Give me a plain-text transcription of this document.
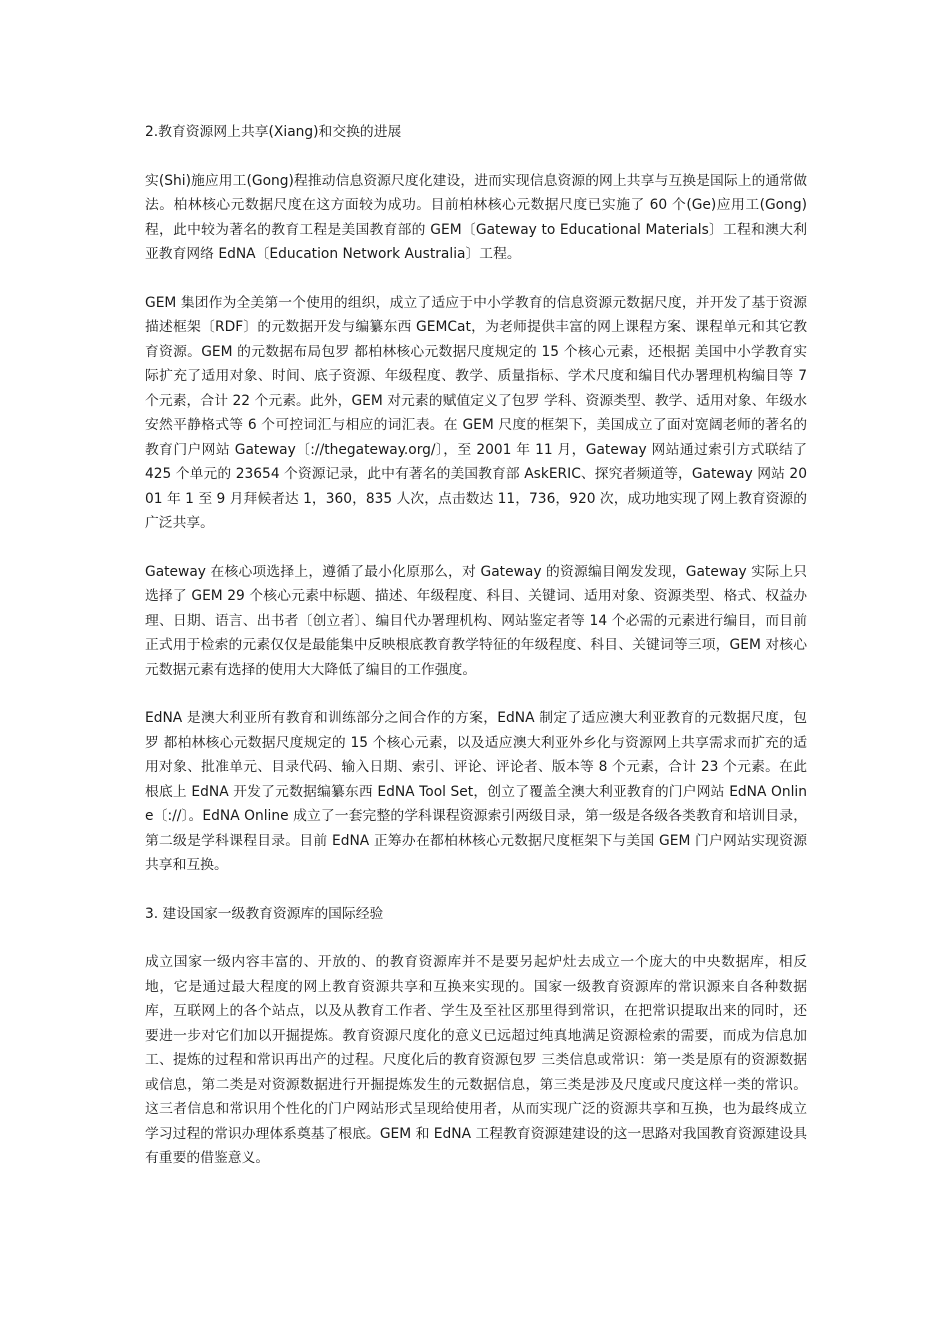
2.教育资源网上共享(Xiang)和交换的进展

实(Shi)施应用工(Gong)程推动信息资源尺度化建设，进而实现信息资源的网上共享与互换是国际上的通常做法。柏林核心元数据尺度在这方面较为成功。目前柏林核心元数据尺度已实施了 60 个(Ge)应用工(Gong)程，此中较为著名的教育工程是美国教育部的 GEM〔Gateway to Educational Materials〕工程和澳大利亚教育网络 EdNA〔Education Network Australia〕工程。

GEM 集团作为全美第一个使用的组织，成立了适应于中小学教育的信息资源元数据尺度，并开发了基于资源描述框架〔RDF〕的元数据开发与编纂东西 GEMCat，为老师提供丰富的网上课程方案、课程单元和其它教育资源。GEM 的元数据布局包罗 都柏林核心元数据尺度规定的 15 个核心元素，还根据 美国中小学教育实际扩充了适用对象、时间、底子资源、年级程度、教学、质量指标、学术尺度和编目代办署理机构编目等 7 个元素，合计 22 个元素。此外，GEM 对元素的赋值定义了包罗 学科、资源类型、教学、适用对象、年级水安然平静格式等 6 个可控词汇与相应的词汇表。在 GEM 尺度的框架下，美国成立了面对宽阔老师的著名的教育门户网站 Gateway〔://thegateway.org/〕，至 2001 年 11 月，Gateway 网站通过索引方式联结了 425 个单元的 23654 个资源记录，此中有著名的美国教育部 AskERIC、探究者频道等，Gateway 网站 2001 年 1 至 9 月拜候者达 1，360，835 人次，点击数达 11，736，920 次，成功地实现了网上教育资源的广泛共享。

Gateway 在核心项选择上，遵循了最小化原那么，对 Gateway 的资源编目阐发发现，Gateway 实际上只选择了 GEM 29 个核心元素中标题、描述、年级程度、科目、关键词、适用对象、资源类型、格式、权益办理、日期、语言、出书者〔创立者〕、编目代办署理机构、网站鉴定者等 14 个必需的元素进行编目，而目前正式用于检索的元素仅仅是最能集中反映根底教育教学特征的年级程度、科目、关键词等三项，GEM 对核心元数据元素有选择的使用大大降低了编目的工作强度。

EdNA 是澳大利亚所有教育和训练部分之间合作的方案，EdNA 制定了适应澳大利亚教育的元数据尺度，包罗 都柏林核心元数据尺度规定的 15 个核心元素，以及适应澳大利亚外乡化与资源网上共享需求而扩充的适用对象、批准单元、目录代码、输入日期、索引、评论、评论者、版本等 8 个元素，合计 23 个元素。在此根底上 EdNA 开发了元数据编纂东西 EdNA Tool Set，创立了覆盖全澳大利亚教育的门户网站 EdNA Online〔://〕。EdNA Online 成立了一套完整的学科课程资源索引两级目录，第一级是各级各类教育和培训目录，第二级是学科课程目录。目前 EdNA 正筹办在都柏林核心元数据尺度框架下与美国 GEM 门户网站实现资源共享和互换。

3. 建设国家一级教育资源库的国际经验

成立国家一级内容丰富的、开放的、的教育资源库并不是要另起炉灶去成立一个庞大的中央数据库，相反地，它是通过最大程度的网上教育资源共享和互换来实现的。国家一级教育资源库的常识源来自各种数据库，互联网上的各个站点，以及从教育工作者、学生及至社区那里得到常识，在把常识提取出来的同时，还要进一步对它们加以开掘提炼。教育资源尺度化的意义已远超过纯真地满足资源检索的需要，而成为信息加工、提炼的过程和常识再出产的过程。尺度化后的教育资源包罗 三类信息或常识：第一类是原有的资源数据或信息，第二类是对资源数据进行开掘提炼发生的元数据信息，第三类是涉及尺度或尺度这样一类的常识。这三者信息和常识用个性化的门户网站形式呈现给使用者，从而实现广泛的资源共享和互换，也为最终成立学习过程的常识办理体系奠基了根底。GEM 和 EdNA 工程教育资源建建设的这一思路对我国教育资源建设具有重要的借鉴意义。
